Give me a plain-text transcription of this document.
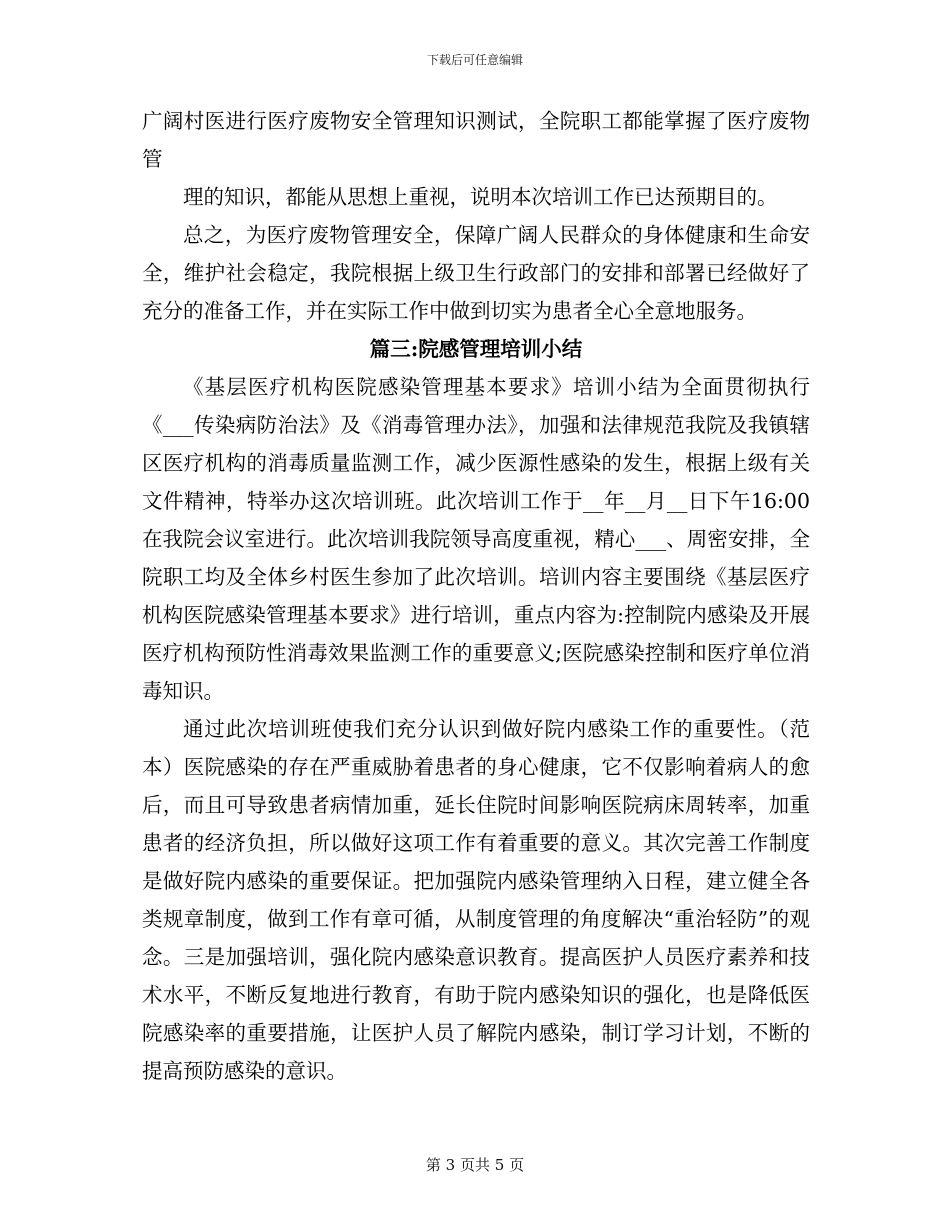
下载后可任意编辑

广阔村医进行医疗废物安全管理知识测试，全院职工都能掌握了医疗废物管

理的知识，都能从思想上重视，说明本次培训工作已达预期目的。

总之，为医疗废物管理安全，保障广阔人民群众的身体健康和生命安全，维护社会稳定，我院根据上级卫生行政部门的安排和部署已经做好了充分的准备工作，并在实际工作中做到切实为患者全心全意地服务。

篇三:院感管理培训小结

《基层医疗机构医院感染管理基本要求》培训小结为全面贯彻执行《___传染病防治法》及《消毒管理办法》，加强和法律规范我院及我镇辖区医疗机构的消毒质量监测工作，减少医源性感染的发生，根据上级有关文件精神，特举办这次培训班。此次培训工作于__年__月__日下午16:00在我院会议室进行。此次培训我院领导高度重视，精心___、周密安排，全院职工均及全体乡村医生参加了此次培训。培训内容主要围绕《基层医疗机构医院感染管理基本要求》进行培训，重点内容为:控制院内感染及开展医疗机构预防性消毒效果监测工作的重要意义;医院感染控制和医疗单位消毒知识。

通过此次培训班使我们充分认识到做好院内感染工作的重要性。（范本）医院感染的存在严重威胁着患者的身心健康，它不仅影响着病人的愈后，而且可导致患者病情加重，延长住院时间影响医院病床周转率，加重患者的经济负担，所以做好这项工作有着重要的意义。其次完善工作制度是做好院内感染的重要保证。把加强院内感染管理纳入日程，建立健全各类规章制度，做到工作有章可循，从制度管理的角度解决“重治轻防”的观念。三是加强培训，强化院内感染意识教育。提高医护人员医疗素养和技术水平，不断反复地进行教育，有助于院内感染知识的强化，也是降低医院感染率的重要措施，让医护人员了解院内感染，制订学习计划，不断的提高预防感染的意识。

第 3 页共 5 页
